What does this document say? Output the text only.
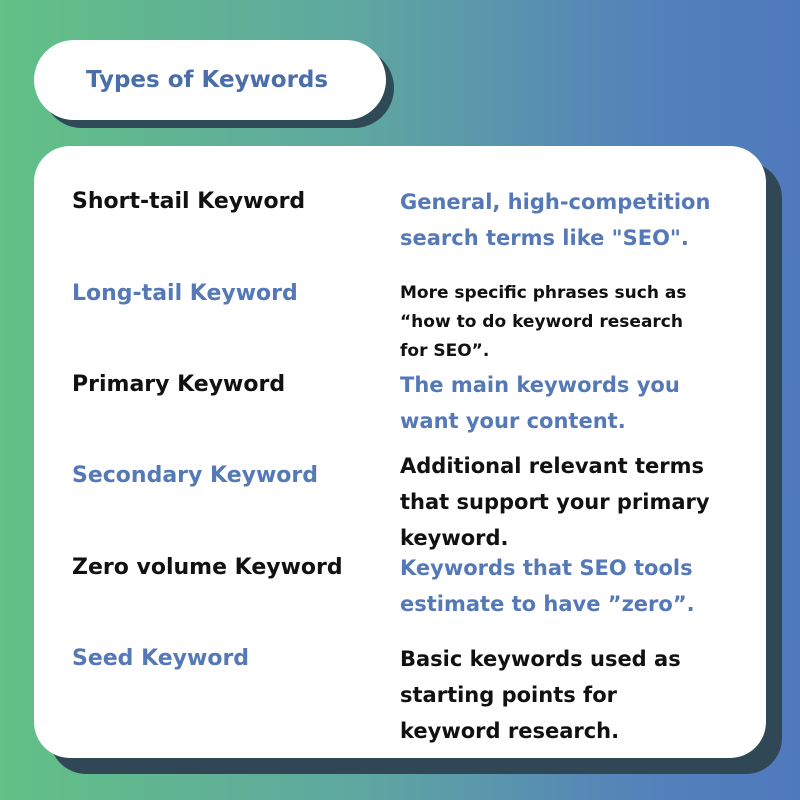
Types of Keywords
Short-tail Keyword	General, high-competition
search terms like "SEO".
Long-tail Keyword	More specific phrases such as
“how to do keyword research
for SEO”.
Primary Keyword	The main keywords you
want your content.
Secondary Keyword	Additional relevant terms
that support your primary
keyword.
Zero volume Keyword	Keywords that SEO tools
estimate to have ”zero”.
Seed Keyword	Basic keywords used as
starting points for
keyword research.
